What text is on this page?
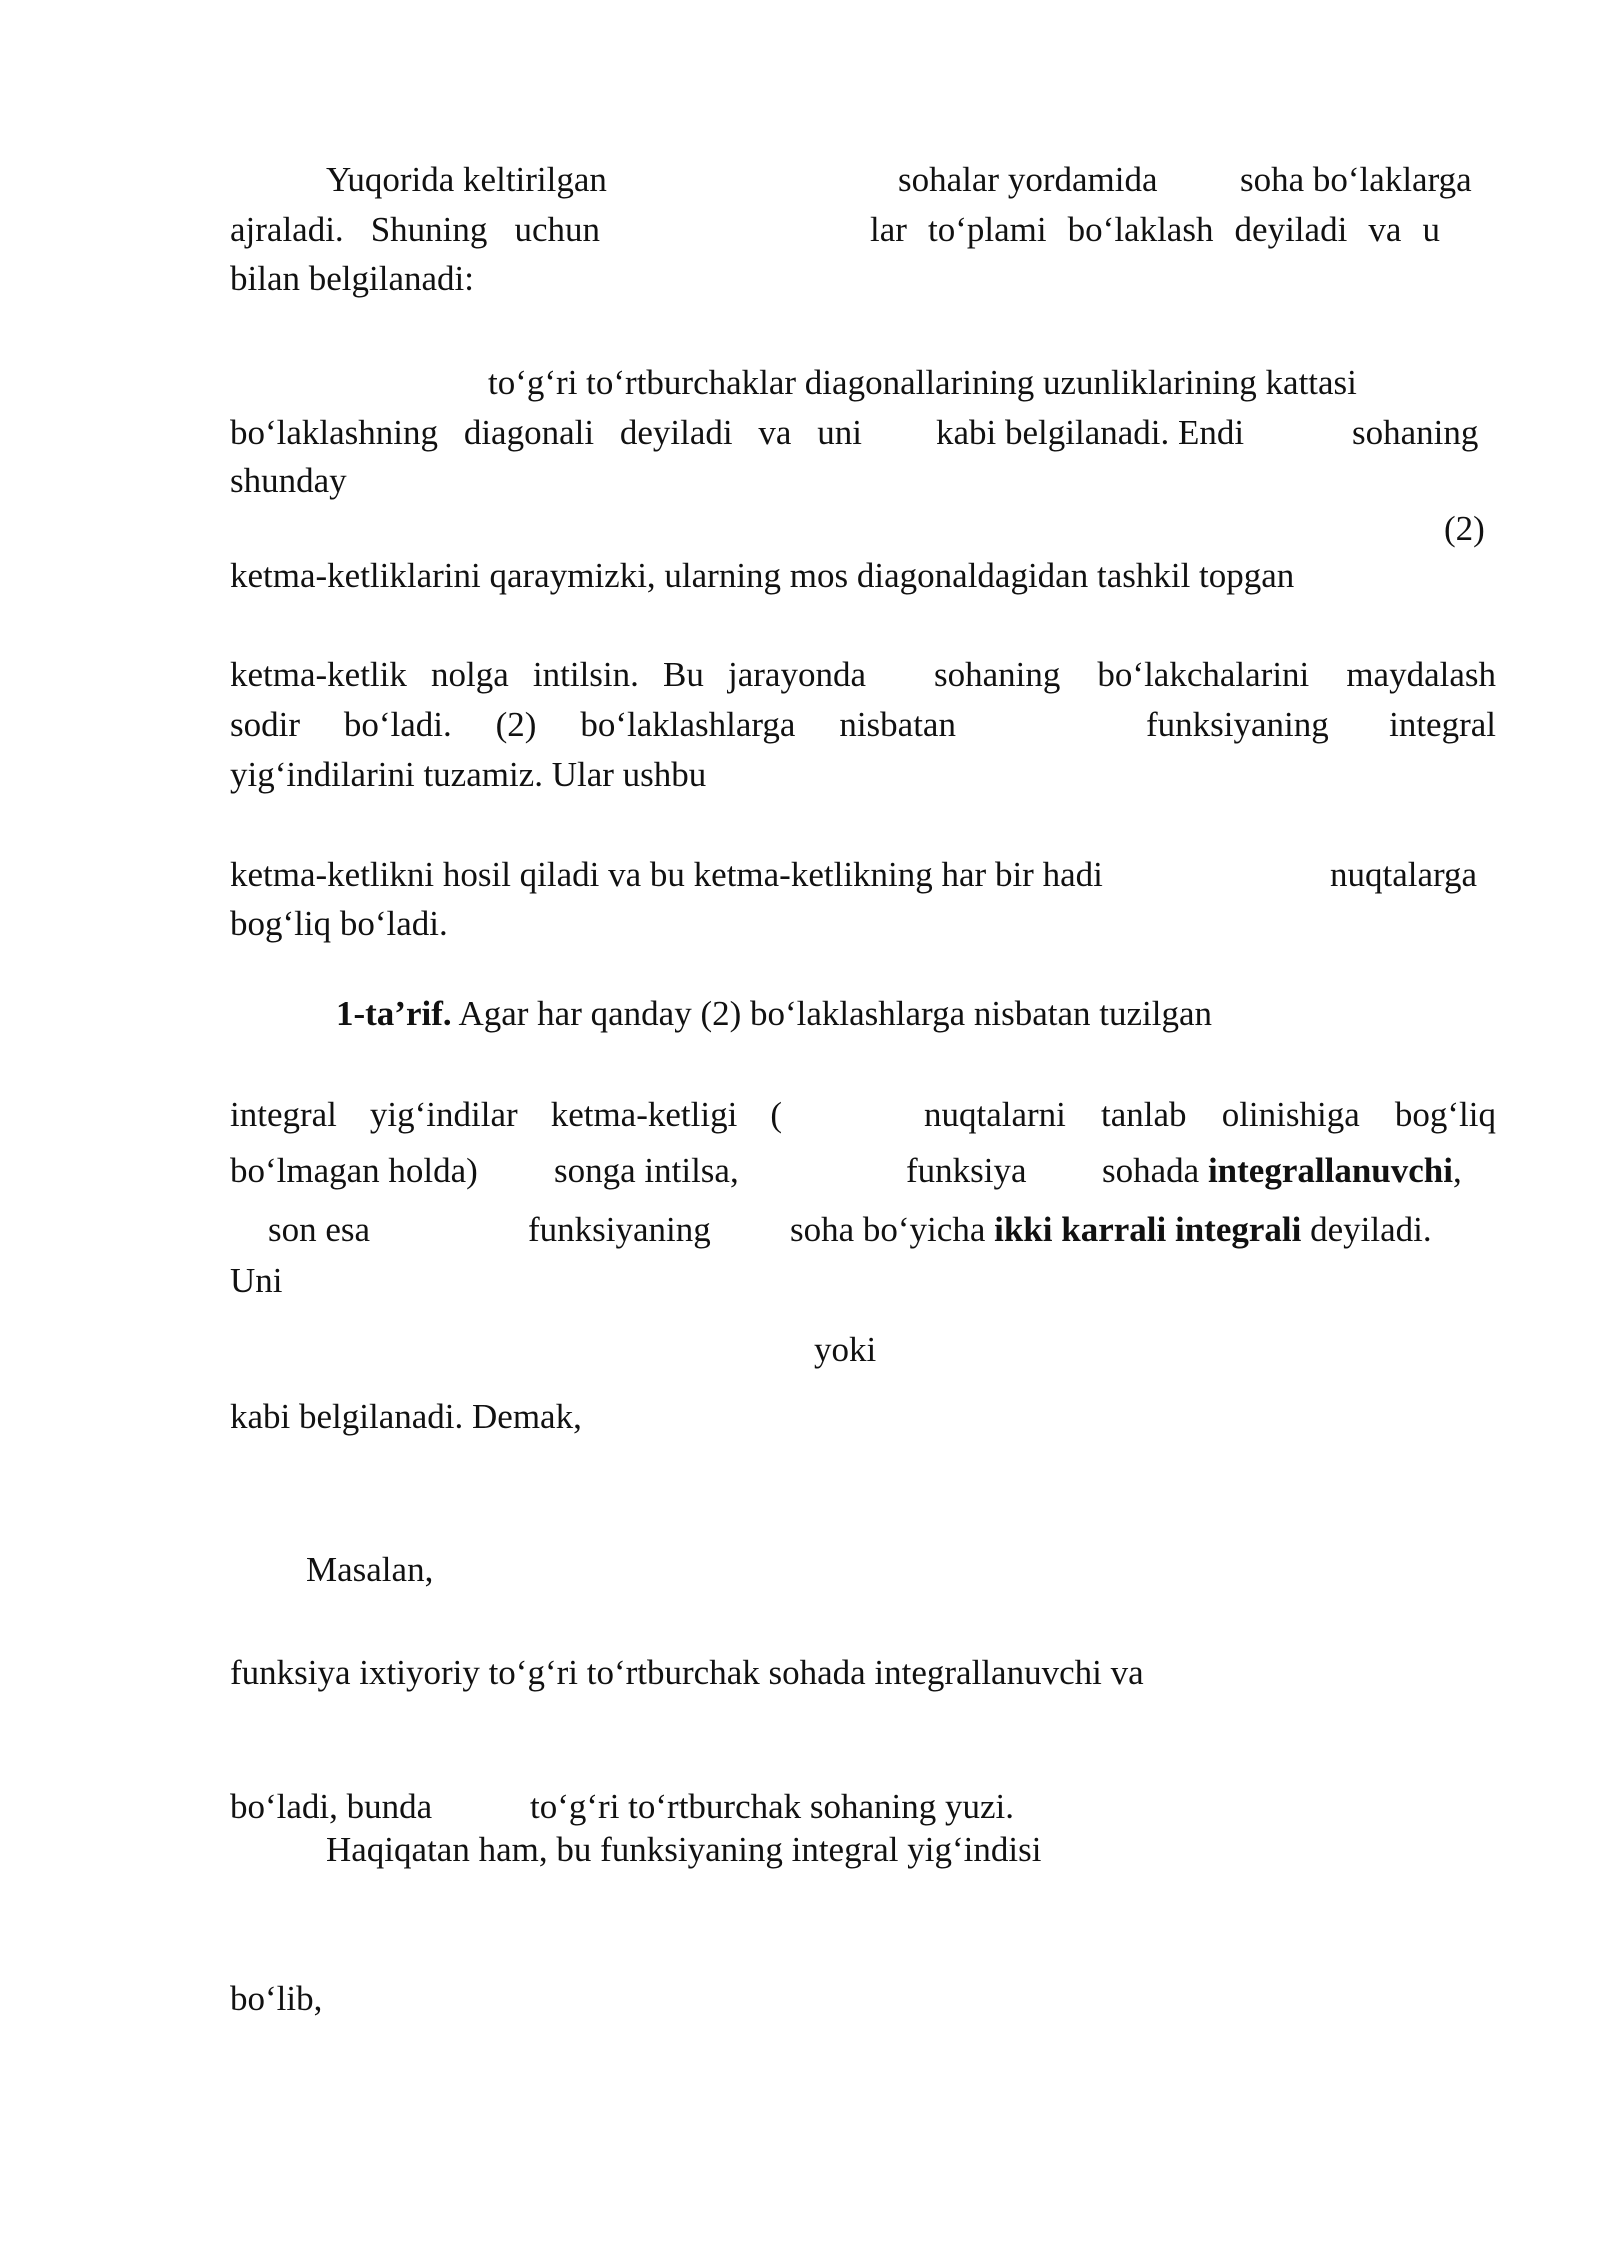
Yuqorida keltirilgan	sohalar yordamida soha bo‘laklarga
ajraladi. Shuning uchun	lar to‘plami bo‘laklash deyiladi va u
bilan belgilanadi:
to‘g‘ri to‘rtburchaklar diagonallarining uzunliklarining kattasi
bo‘laklashning diagonali deyiladi va uni kabi belgilanadi. Endi	sohaning
shunday
(2)
ketma-ketliklarini qaraymizki, ularning mos diagonaldagidan tashkil topgan
ketma-ketlik nolga intilsin. Bu jarayonda sohaning bo‘lakchalarini maydalash
sodir bo‘ladi. (2) bo‘laklashlarga nisbatan	funksiyaning integral
yig‘indilarini tuzamiz. Ular ushbu
ketma-ketlikni hosil qiladi va bu ketma-ketlikning har bir hadi	nuqtalarga
bog‘liq bo‘ladi.
1-ta’rif. Agar har qanday (2) bo‘laklashlarga nisbatan tuzilgan
integral yig‘indilar ketma-ketligi (	nuqtalarni tanlab olinishiga bog‘liq
bo‘lmagan holda) songa intilsa,	funksiya sohada integrallanuvchi,
son esa	funksiyaning soha bo‘yicha ikki karrali integrali deyiladi.
Uni
yoki
kabi belgilanadi. Demak,
Masalan,
funksiya ixtiyoriy to‘g‘ri to‘rtburchak sohada integrallanuvchi va
bo‘ladi, bunda	to‘g‘ri to‘rtburchak sohaning yuzi.
Haqiqatan ham, bu funksiyaning integral yig‘indisi
bo‘lib,
